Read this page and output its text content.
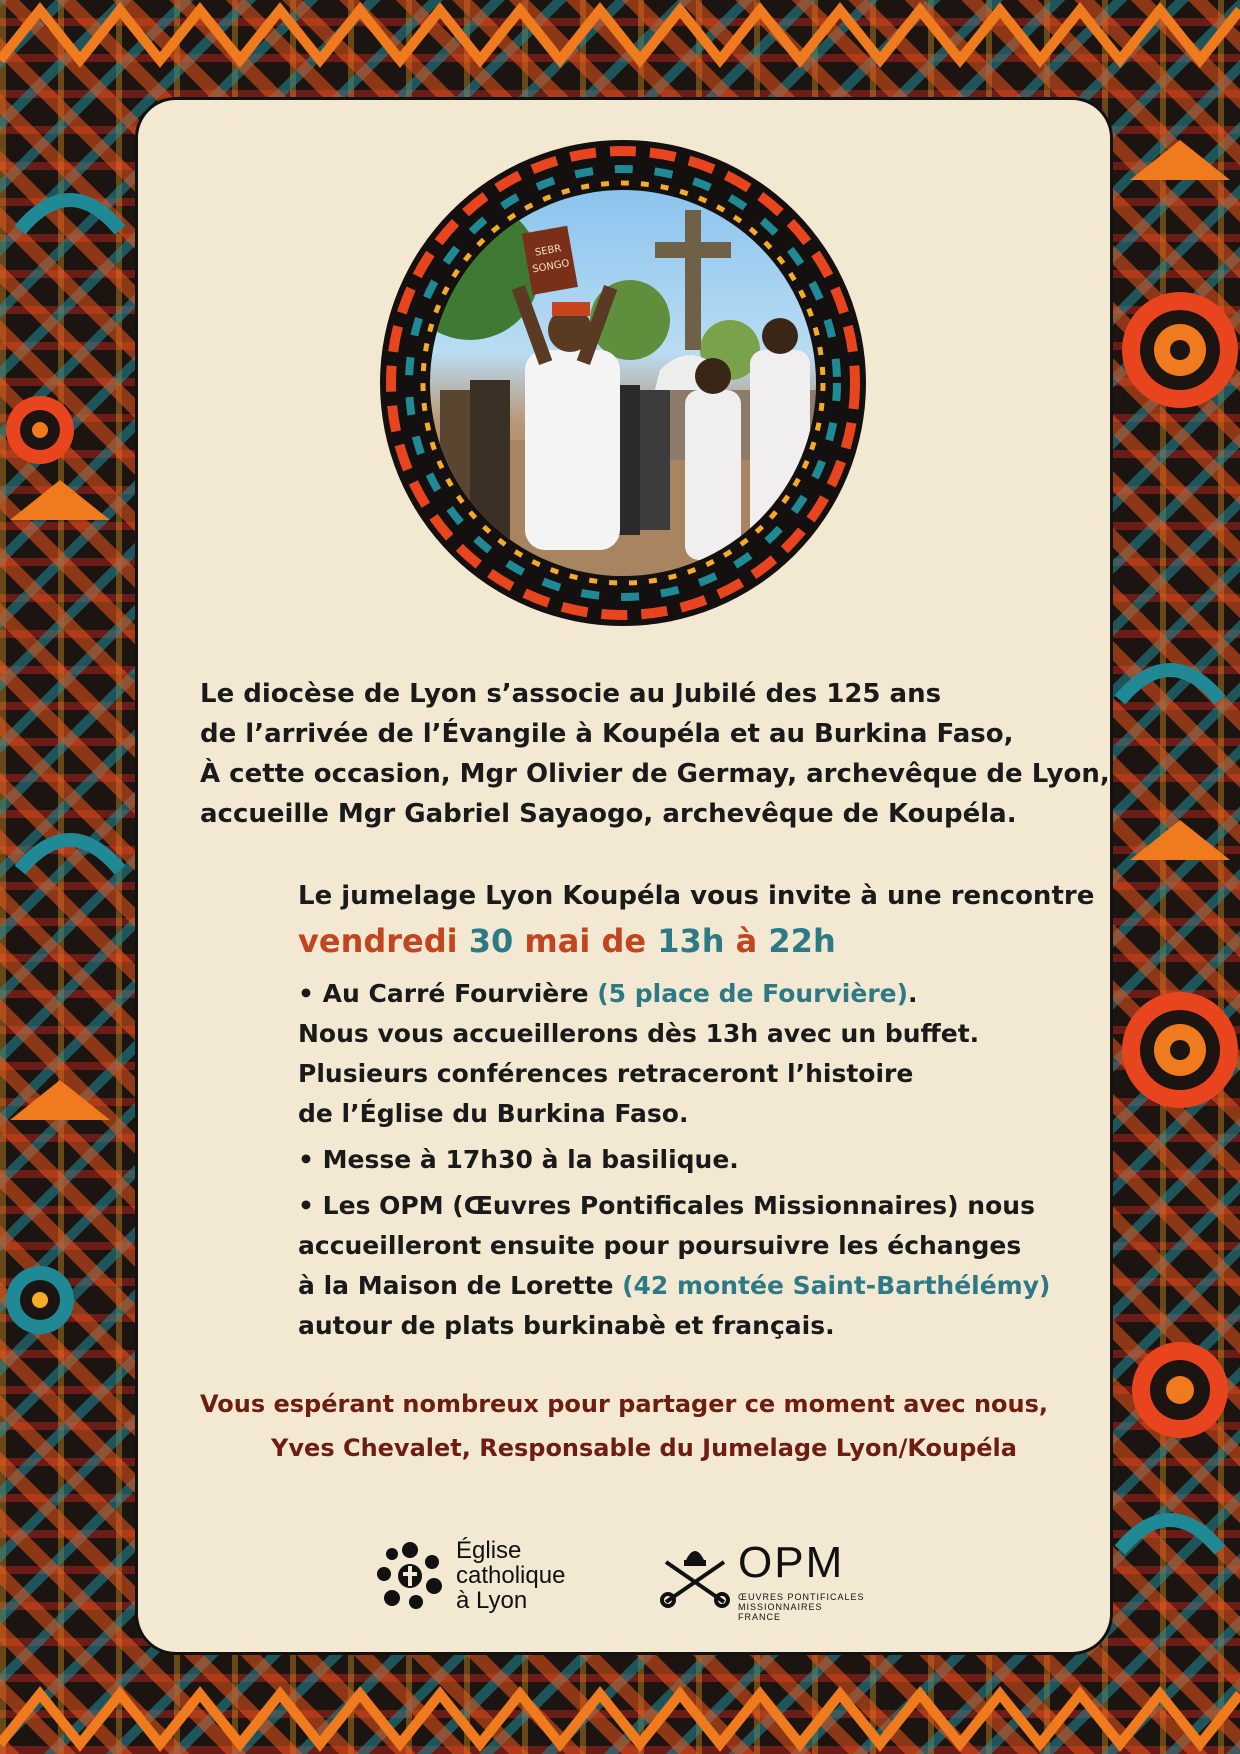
SEBR
SONGO

Le diocèse de Lyon s’associe au Jubilé des 125 ans

de l’arrivée de l’Évangile à Koupéla et au Burkina Faso,

À cette occasion, Mgr Olivier de Germay, archevêque de Lyon,

accueille Mgr Gabriel Sayaogo, archevêque de Koupéla.

Le jumelage Lyon Koupéla vous invite à une rencontre

vendredi 30 mai de 13h à 22h

• Au Carré Fourvière (5 place de Fourvière).

Nous vous accueillerons dès 13h avec un buffet.

Plusieurs conférences retraceront l’histoire

de l’Église du Burkina Faso.

• Messe à 17h30 à la basilique.

• Les OPM (Œuvres Pontificales Missionnaires) nous

accueilleront ensuite pour poursuivre les échanges

à la Maison de Lorette (42 montée Saint-Barthélémy)

autour de plats burkinabè et français.

Vous espérant nombreux pour partager ce moment avec nous,

Yves Chevalet, Responsable du Jumelage Lyon/Koupéla

Église
catholique
à Lyon
OPM
ŒUVRES PONTIFICALES
MISSIONNAIRES FRANCE
